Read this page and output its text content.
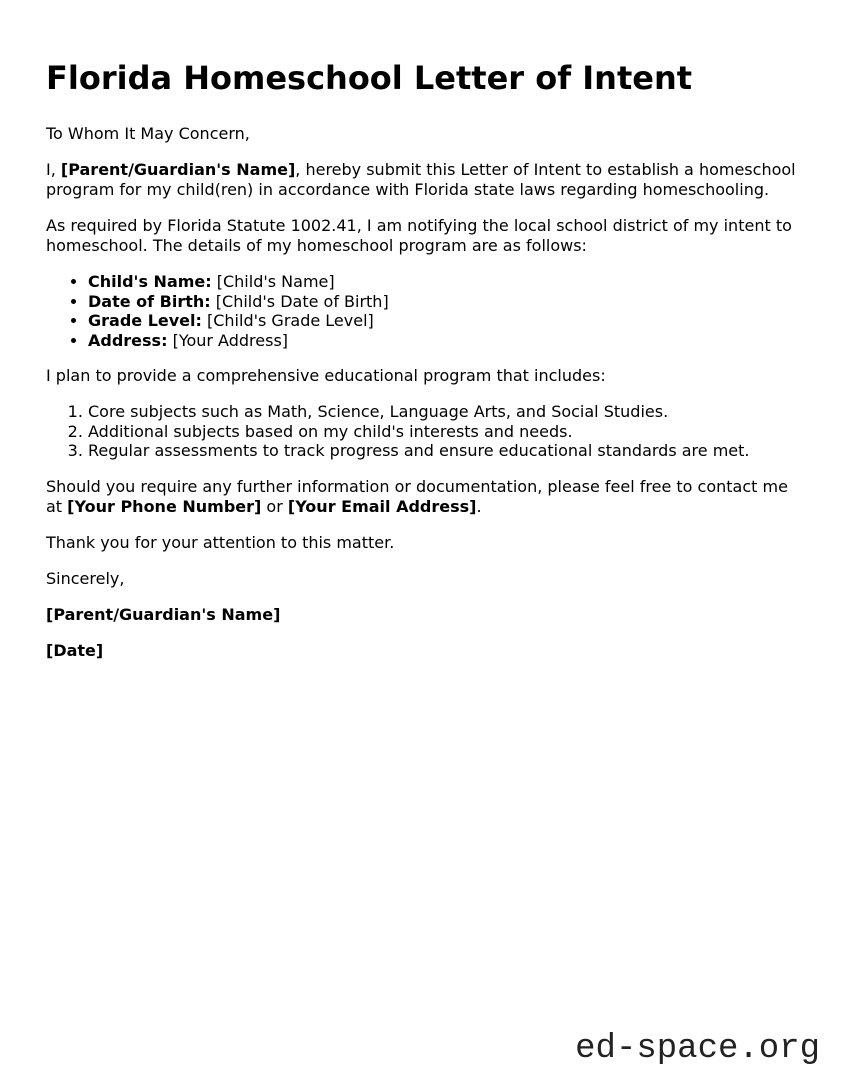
Florida Homeschool Letter of Intent

To Whom It May Concern,

I, [Parent/Guardian's Name], hereby submit this Letter of Intent to establish a homeschool program for my child(ren) in accordance with Florida state laws regarding homeschooling.

As required by Florida Statute 1002.41, I am notifying the local school district of my intent to homeschool. The details of my homeschool program are as follows:

• Child's Name: [Child's Name]
• Date of Birth: [Child's Date of Birth]
• Grade Level: [Child's Grade Level]
• Address: [Your Address]

I plan to provide a comprehensive educational program that includes:

1. Core subjects such as Math, Science, Language Arts, and Social Studies.
2. Additional subjects based on my child's interests and needs.
3. Regular assessments to track progress and ensure educational standards are met.

Should you require any further information or documentation, please feel free to contact me at [Your Phone Number] or [Your Email Address].

Thank you for your attention to this matter.

Sincerely,

[Parent/Guardian's Name]

[Date]

ed-space.org
